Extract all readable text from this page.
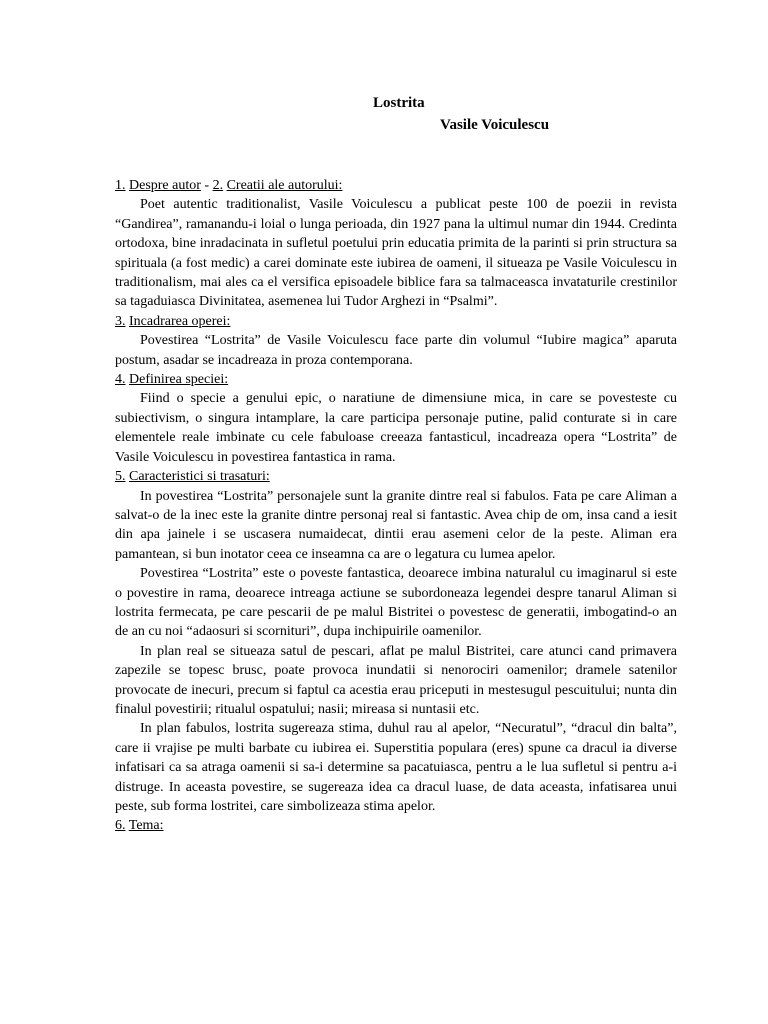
Lostrita
Vasile Voiculescu
1. Despre autor - 2. Creatii ale autorului:

Poet autentic traditionalist, Vasile Voiculescu a publicat peste 100 de poezii in revista “Gandirea”, ramanandu-i loial o lunga perioada, din 1927 pana la ultimul numar din 1944. Credinta ortodoxa, bine inradacinata in sufletul poetului prin educatia primita de la parinti si prin structura sa spirituala (a fost medic) a carei dominate este iubirea de oameni, il situeaza pe Vasile Voiculescu in traditionalism, mai ales ca el versifica episoadele biblice fara sa talmaceasca invataturile crestinilor sa tagaduiasca Divinitatea, asemenea lui Tudor Arghezi in “Psalmi”.

3. Incadrarea operei:

Povestirea “Lostrita” de Vasile Voiculescu face parte din volumul “Iubire magica” aparuta postum, asadar se incadreaza in proza contemporana.

4. Definirea speciei:

Fiind o specie a genului epic, o naratiune de dimensiune mica, in care se povesteste cu subiectivism, o singura intamplare, la care participa personaje putine, palid conturate si in care elementele reale imbinate cu cele fabuloase creeaza fantasticul, incadreaza opera “Lostrita” de Vasile Voiculescu in povestirea fantastica in rama.

5. Caracteristici si trasaturi:

In povestirea “Lostrita” personajele sunt la granite dintre real si fabulos. Fata pe care Aliman a salvat-o de la inec este la granite dintre personaj real si fantastic. Avea chip de om, insa cand a iesit din apa jainele i se uscasera numaidecat, dintii erau asemeni celor de la peste. Aliman era pamantean, si bun inotator ceea ce inseamna ca are o legatura cu lumea apelor.

Povestirea “Lostrita” este o poveste fantastica, deoarece imbina naturalul cu imaginarul si este o povestire in rama, deoarece intreaga actiune se subordoneaza legendei despre tanarul Aliman si lostrita fermecata, pe care pescarii de pe malul Bistritei o povestesc de generatii, imbogatind-o an de an cu noi “adaosuri si scornituri”, dupa inchipuirile oamenilor.

In plan real se situeaza satul de pescari, aflat pe malul Bistritei, care atunci cand primavera zapezile se topesc brusc, poate provoca inundatii si nenorociri oamenilor; dramele satenilor provocate de inecuri, precum si faptul ca acestia erau priceputi in mestesugul pescuitului; nunta din finalul povestirii; ritualul ospatului; nasii; mireasa si nuntasii etc.

In plan fabulos, lostrita sugereaza stima, duhul rau al apelor, “Necuratul”, “dracul din balta”, care ii vrajise pe multi barbate cu iubirea ei. Superstitia populara (eres) spune ca dracul ia diverse infatisari ca sa atraga oamenii si sa-i determine sa pacatuiasca, pentru a le lua sufletul si pentru a-i distruge. In aceasta povestire, se sugereaza idea ca dracul luase, de data aceasta, infatisarea unui peste, sub forma lostritei, care simbolizeaza stima apelor.

6. Tema:
